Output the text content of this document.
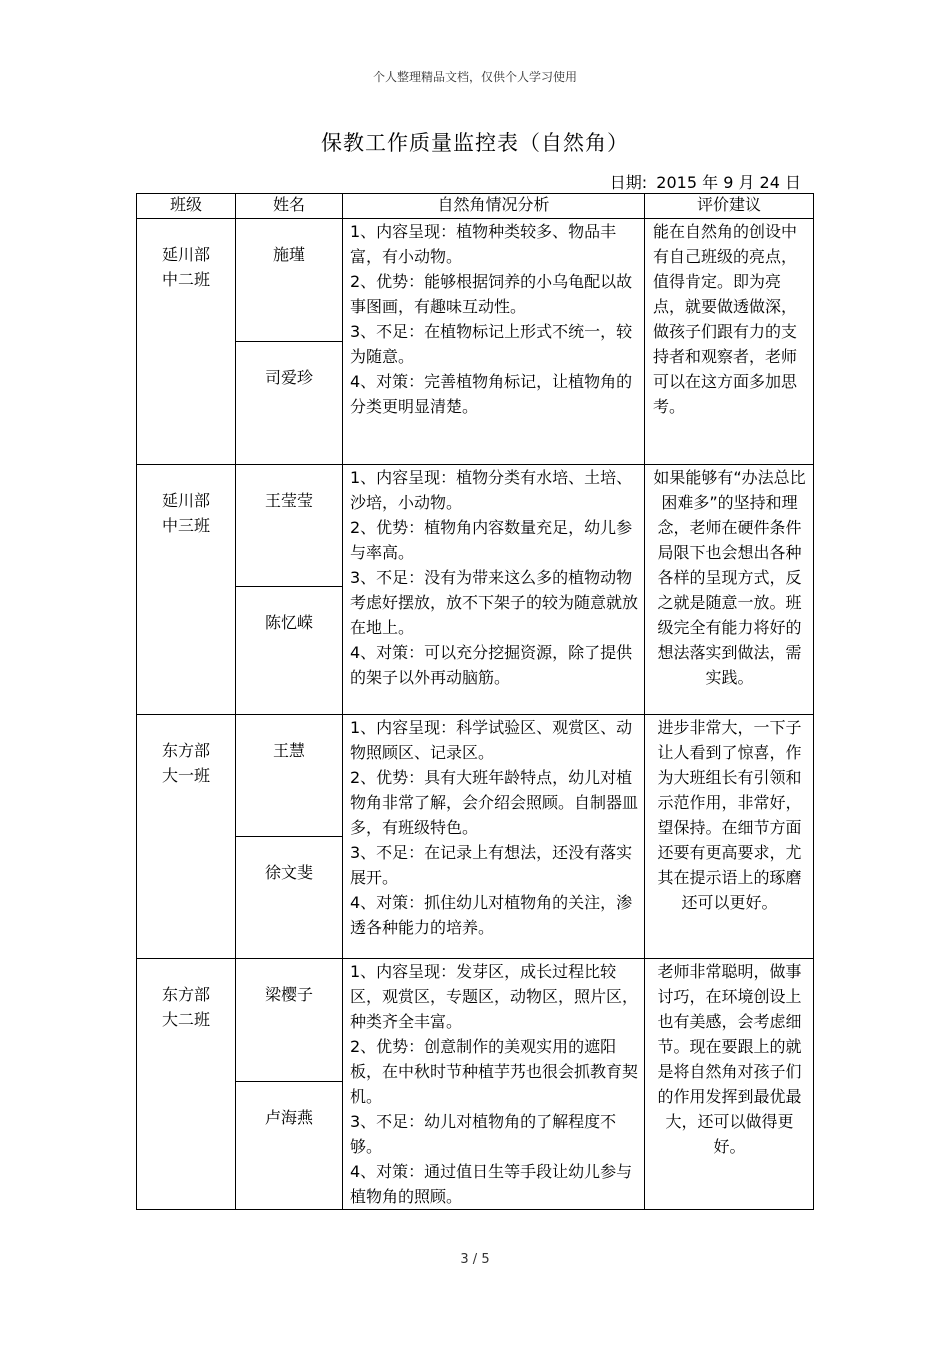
个人整理精品文档，仅供个人学习使用
保教工作质量监控表（自然角）
日期: 2015 年 9 月 24 日
班级	姓名	自然角情况分析	评价建议

延川部
中二班	施瑾	1、内容呈现：植物种类较多、物品丰富，有小动物。
2、优势：能够根据饲养的小乌龟配以故事图画，有趣味互动性。
3、不足：在植物标记上形式不统一，较为随意。
4、对策：完善植物角标记，让植物角的分类更明显清楚。	能在自然角的创设中有自己班级的亮点，值得肯定。即为亮点，就要做透做深，做孩子们跟有力的支持者和观察者，老师可以在这方面多加思考。

	司爱珍		

延川部
中三班	王莹莹	1、内容呈现：植物分类有水培、土培、沙培，小动物。
2、优势：植物角内容数量充足，幼儿参与率高。
3、不足：没有为带来这么多的植物动物考虑好摆放，放不下架子的较为随意就放在地上。
4、对策：可以充分挖掘资源，除了提供的架子以外再动脑筋。	如果能够有“办法总比困难多”的坚持和理念，老师在硬件条件局限下也会想出各种各样的呈现方式，反之就是随意一放。班级完全有能力将好的想法落实到做法，需实践。

	陈忆嵘		

东方部
大一班	王慧	1、内容呈现：科学试验区、观赏区、动物照顾区、记录区。
2、优势：具有大班年龄特点，幼儿对植物角非常了解，会介绍会照顾。自制器皿多，有班级特色。
3、不足：在记录上有想法，还没有落实展开。
4、对策：抓住幼儿对植物角的关注，渗透各种能力的培养。	进步非常大，一下子让人看到了惊喜，作为大班组长有引领和示范作用，非常好，望保持。在细节方面还要有更高要求，尤其在提示语上的琢磨还可以更好。

	徐文斐		

东方部
大二班	梁樱子	1、内容呈现：发芽区，成长过程比较区，观赏区，专题区，动物区，照片区，种类齐全丰富。
2、优势：创意制作的美观实用的遮阳板，在中秋时节种植芋艿也很会抓教育契机。
3、不足：幼儿对植物角的了解程度不够。
4、对策：通过值日生等手段让幼儿参与植物角的照顾。	老师非常聪明，做事讨巧，在环境创设上也有美感，会考虑细节。现在要跟上的就是将自然角对孩子们的作用发挥到最优最大，还可以做得更好。

	卢海燕		
3 / 5
